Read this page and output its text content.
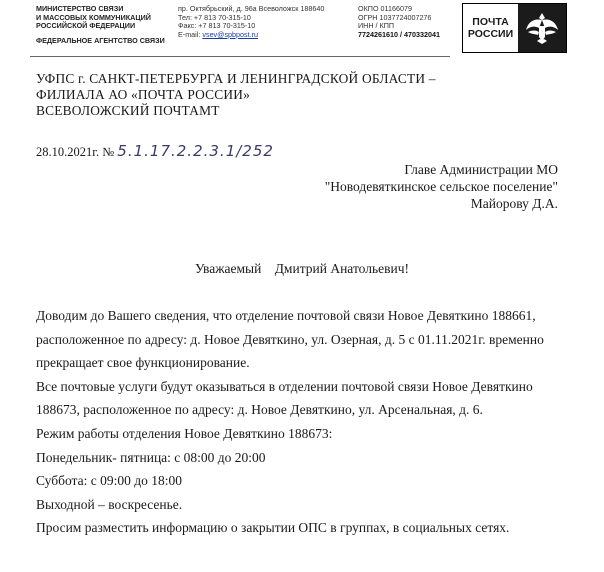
МИНИСТЕРСТВО СВЯЗИ
И МАССОВЫХ КОММУНИКАЦИЙ
РОССИЙСКОЙ ФЕДЕРАЦИИ
ФЕДЕРАЛЬНОЕ АГЕНТСТВО СВЯЗИ
пр. Октябрьский, д. 96а Всеволожск 188640
Тел: +7 813 70-315-10
Факс: +7 813 70-315-10
E-mail: vsev@spbpost.ru
ОКПО 01166079
ОГРН 1037724007276
ИНН / КПП
7724261610 / 470332041
ПОЧТА
РОССИИ
УФПС г. САНКТ-ПЕТЕРБУРГА И ЛЕНИНГРАДСКОЙ ОБЛАСТИ –
ФИЛИАЛА АО «ПОЧТА РОССИИ»
ВСЕВОЛОЖСКИЙ ПОЧТАМТ
28.10.2021г. № 5.1.17.2.2.3.1/252
Главе Администрации МО
"Новодевяткинское сельское поселение"
Майорову Д.А.
Уважаемый Дмитрий Анатольевич!

Доводим до Вашего сведения, что отделение почтовой связи Новое Девяткино 188661,

расположенное по адресу: д. Новое Девяткино, ул. Озерная, д. 5 с 01.11.2021г. временно

прекращает свое функционирование.

Все почтовые услуги будут оказываться в отделении почтовой связи Новое Девяткино

188673, расположенное по адресу: д. Новое Девяткино, ул. Арсенальная, д. 6.

Режим работы отделения Новое Девяткино 188673:

Понедельник- пятница: с 08:00 до 20:00

Суббота: с 09:00 до 18:00

Выходной – воскресенье.

Просим разместить информацию о закрытии ОПС в группах, в социальных сетях.
